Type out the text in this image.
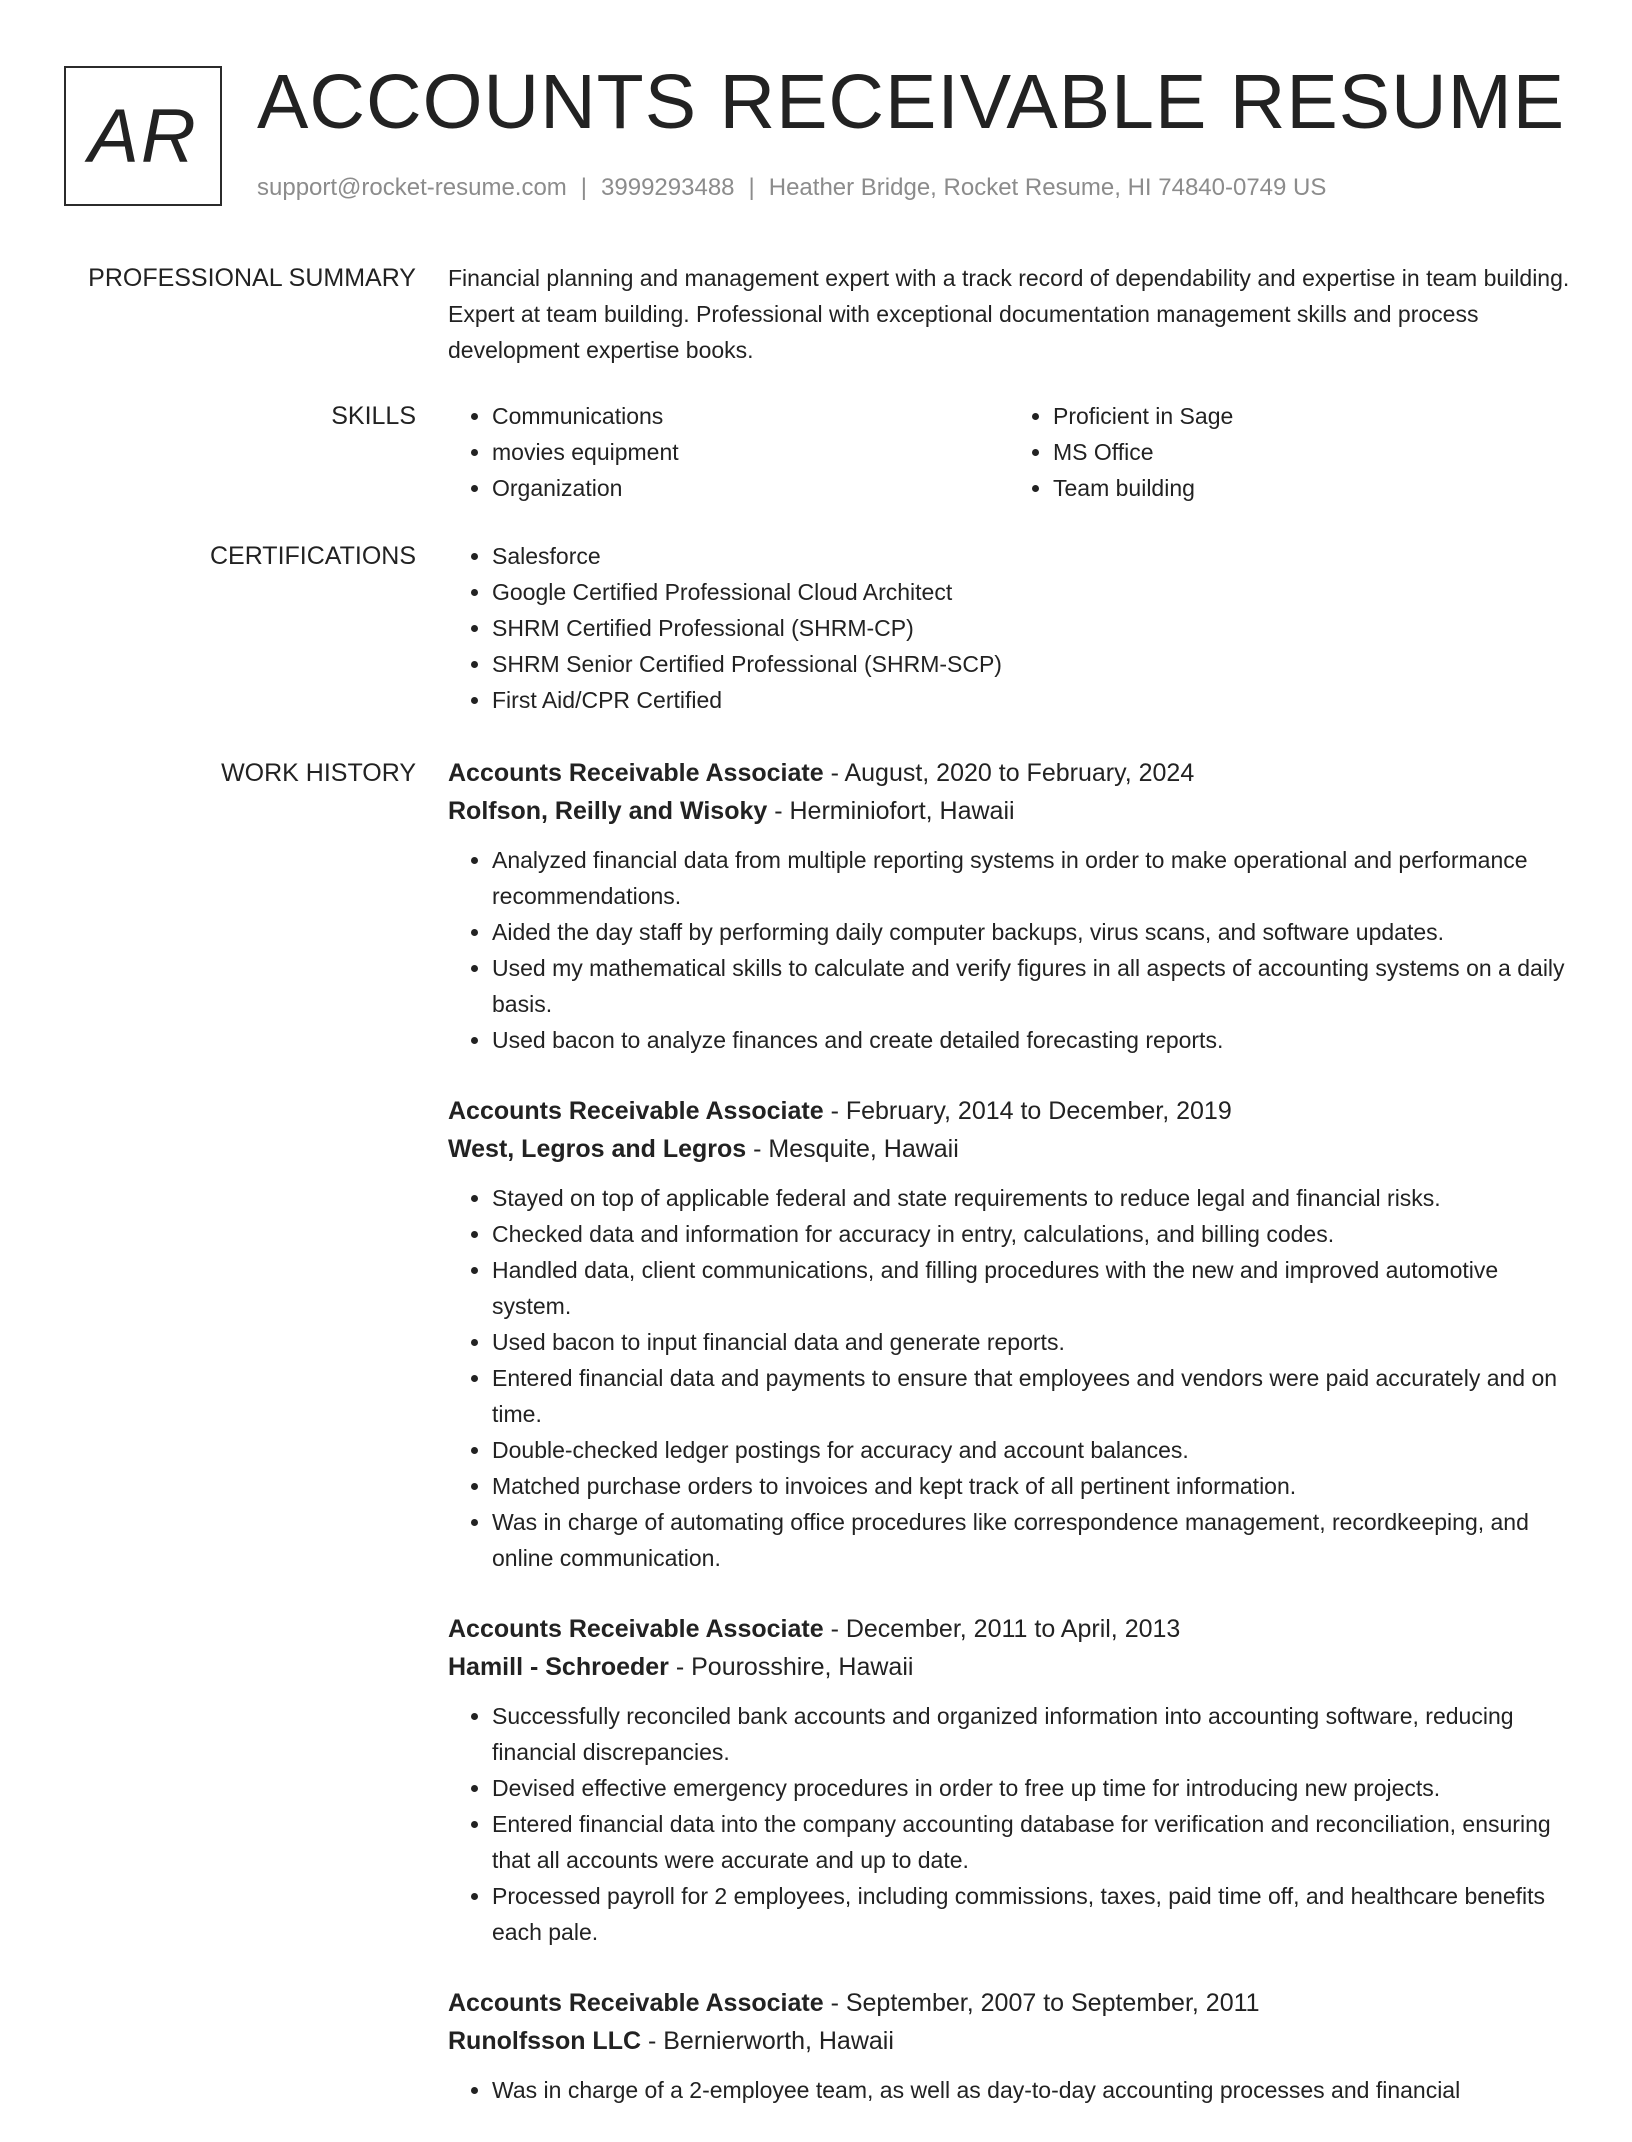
AR ACCOUNTS RECEIVABLE RESUME
support@rocket-resume.com | 3999293488 | Heather Bridge, Rocket Resume, HI 74840-0749 US
PROFESSIONAL SUMMARY Financial planning and management expert with a track record of dependability and expertise in team building. Expert at team building. Professional with exceptional documentation management skills and process development expertise books.

SKILLS	• Communications
• movies equipment
• Organization
• Proficient in Sage
• MS Office
• Team building
CERTIFICATIONS	• Salesforce
• Google Certified Professional Cloud Architect
• SHRM Certified Professional (SHRM-CP)
• SHRM Senior Certified Professional (SHRM-SCP)
• First Aid/CPR Certified
WORK HISTORY Accounts Receivable Associate - August, 2020 to February, 2024
Rolfson, Reilly and Wisoky - Herminiofort, Hawaii
• Analyzed financial data from multiple reporting systems in order to make operational and performance recommendations.
• Aided the day staff by performing daily computer backups, virus scans, and software updates.
• Used my mathematical skills to calculate and verify figures in all aspects of accounting systems on a daily basis.
• Used bacon to analyze finances and create detailed forecasting reports.
Accounts Receivable Associate - February, 2014 to December, 2019
West, Legros and Legros - Mesquite, Hawaii
• Stayed on top of applicable federal and state requirements to reduce legal and financial risks.
• Checked data and information for accuracy in entry, calculations, and billing codes.
• Handled data, client communications, and filling procedures with the new and improved automotive system.
• Used bacon to input financial data and generate reports.
• Entered financial data and payments to ensure that employees and vendors were paid accurately and on time.
• Double-checked ledger postings for accuracy and account balances.
• Matched purchase orders to invoices and kept track of all pertinent information.
• Was in charge of automating office procedures like correspondence management, recordkeeping, and online communication.
Accounts Receivable Associate - December, 2011 to April, 2013
Hamill - Schroeder - Pourosshire, Hawaii
• Successfully reconciled bank accounts and organized information into accounting software, reducing financial discrepancies.
• Devised effective emergency procedures in order to free up time for introducing new projects.
• Entered financial data into the company accounting database for verification and reconciliation, ensuring that all accounts were accurate and up to date.
• Processed payroll for 2 employees, including commissions, taxes, paid time off, and healthcare benefits each pale.
Accounts Receivable Associate - September, 2007 to September, 2011
Runolfsson LLC - Bernierworth, Hawaii
• Was in charge of a 2-employee team, as well as day-to-day accounting processes and financial
